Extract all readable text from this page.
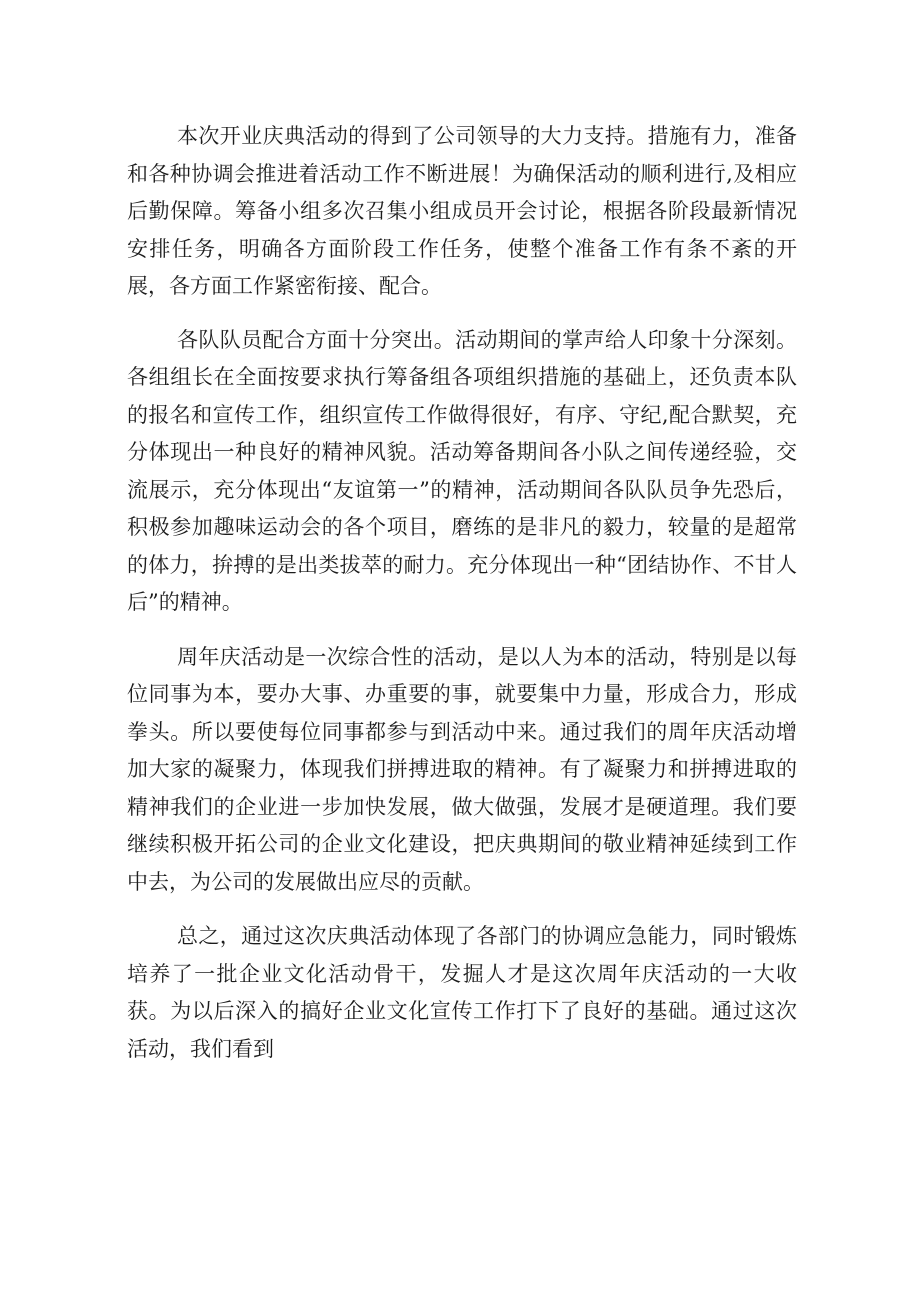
本次开业庆典活动的得到了公司领导的大力支持。措施有力，准备和各种协调会推进着活动工作不断进展！为确保活动的顺利进行,及相应后勤保障。筹备小组多次召集小组成员开会讨论，根据各阶段最新情况安排任务，明确各方面阶段工作任务，使整个准备工作有条不紊的开展，各方面工作紧密衔接、配合。

各队队员配合方面十分突出。活动期间的掌声给人印象十分深刻。各组组长在全面按要求执行筹备组各项组织措施的基础上，还负责本队的报名和宣传工作，组织宣传工作做得很好，有序、守纪,配合默契，充分体现出一种良好的精神风貌。活动筹备期间各小队之间传递经验，交流展示，充分体现出“友谊第一”的精神，活动期间各队队员争先恐后，积极参加趣味运动会的各个项目，磨练的是非凡的毅力，较量的是超常的体力，拚搏的是出类拔萃的耐力。充分体现出一种“团结协作、不甘人后”的精神。

周年庆活动是一次综合性的活动，是以人为本的活动，特别是以每位同事为本，要办大事、办重要的事，就要集中力量，形成合力，形成拳头。所以要使每位同事都参与到活动中来。通过我们的周年庆活动增加大家的凝聚力，体现我们拼搏进取的精神。有了凝聚力和拼搏进取的精神我们的企业进一步加快发展，做大做强，发展才是硬道理。我们要继续积极开拓公司的企业文化建设，把庆典期间的敬业精神延续到工作中去，为公司的发展做出应尽的贡献。

总之，通过这次庆典活动体现了各部门的协调应急能力，同时锻炼培养了一批企业文化活动骨干，发掘人才是这次周年庆活动的一大收获。为以后深入的搞好企业文化宣传工作打下了良好的基础。通过这次活动，我们看到
